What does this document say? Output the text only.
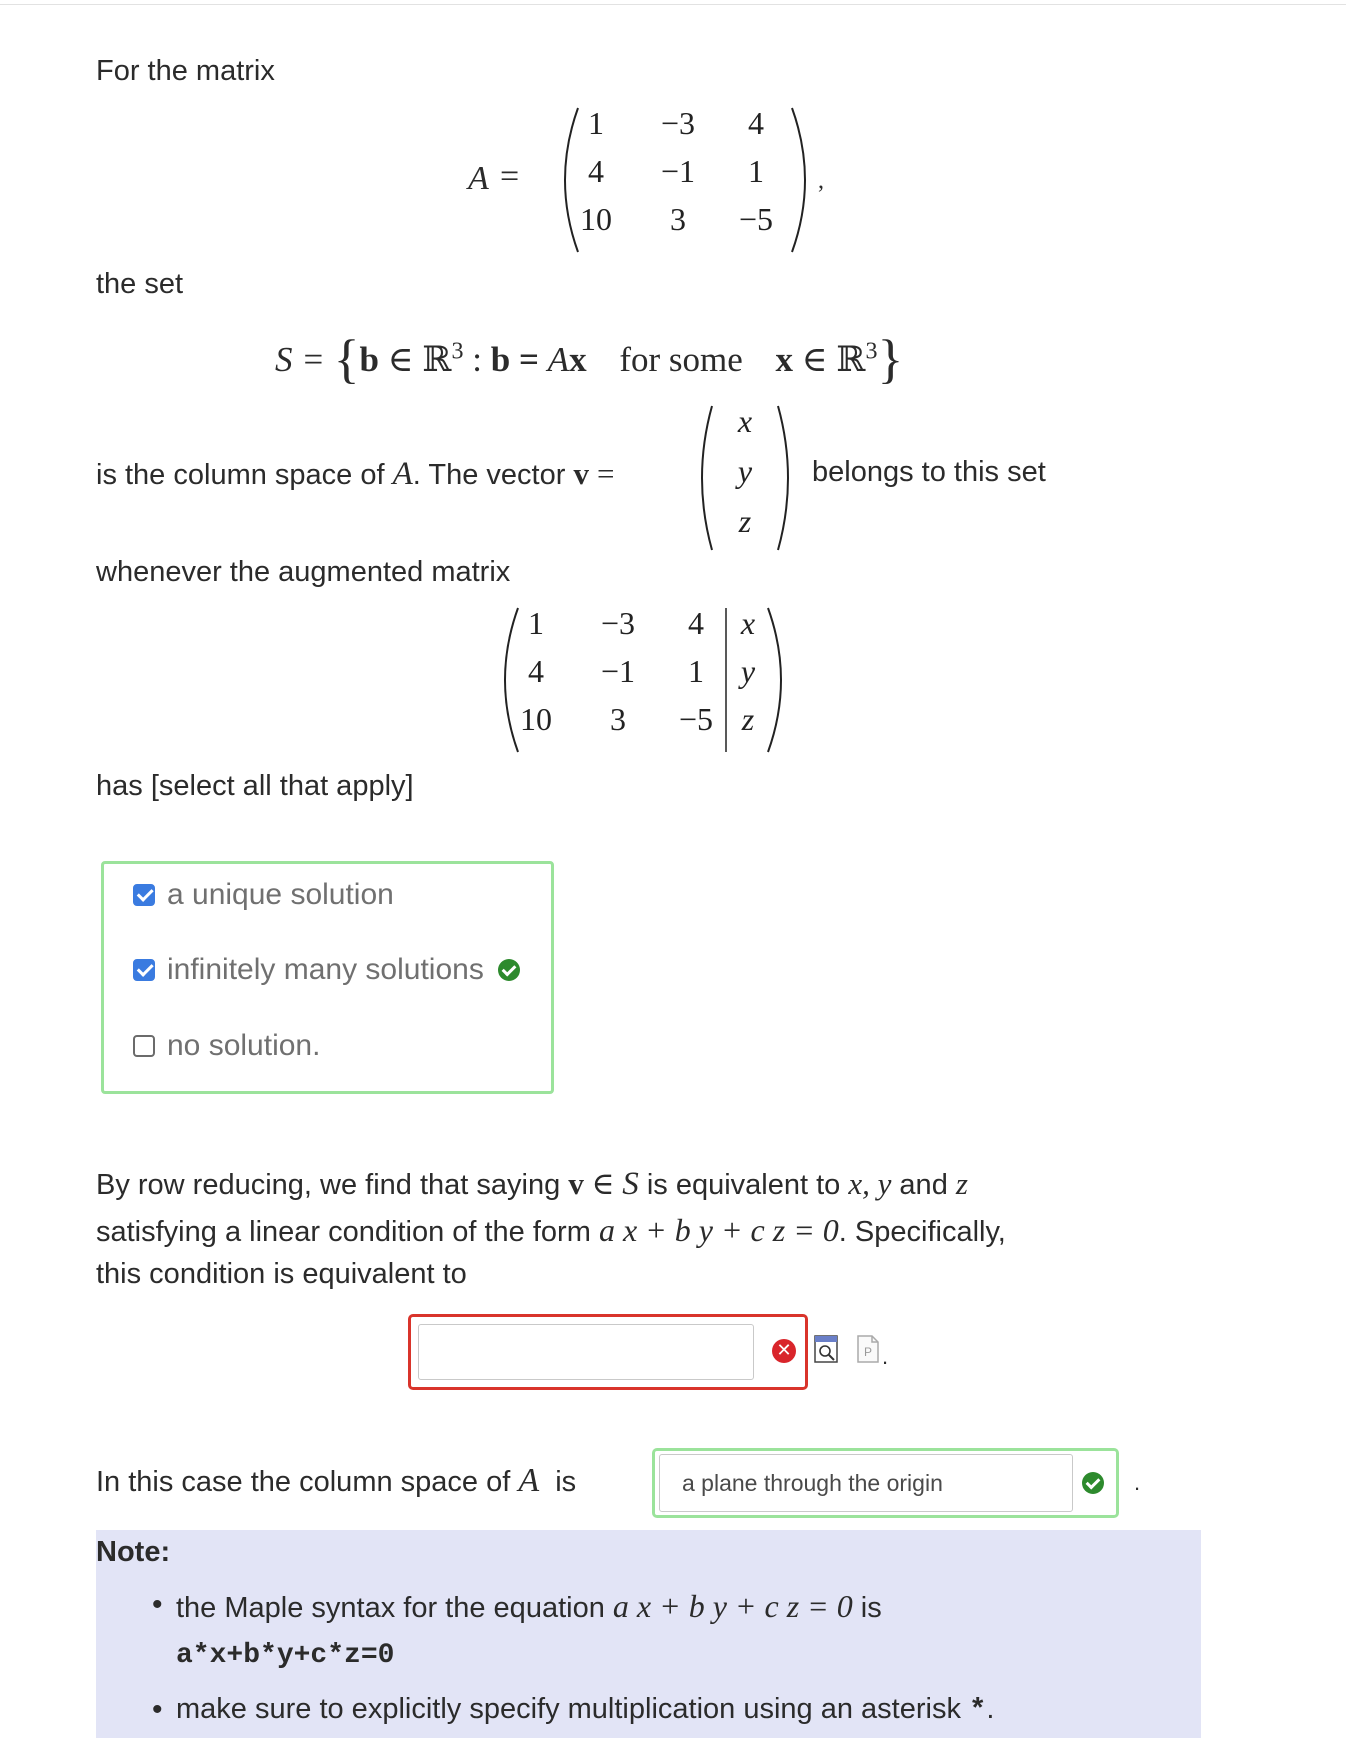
For the matrix
A =
1 −3 4
4 −1 1
10 3 −5
,
the set
S = {b ∈ ℝ$^3$ : b = Ax for some x ∈ ℝ$^3$}
is the column space of A. The vector v =
x
y
z
belongs to this set
whenever the augmented matrix
1 −3 4 x
4 −1 1 y
10 3 −5 z
has [select all that apply]
a unique solution
infinitely many solutions
no solution.
By row reducing, we find that saying v ∈ S is equivalent to x, y and z
satisfying a linear condition of the form a x + b y + c z = 0. Specifically,
this condition is equivalent to
✕	P .
In this case the column space of A is	a plane through the origin	.
Note:
• the Maple syntax for the equation a x + b y + c z = 0 is
a*x+b*y+c*z=0
• make sure to explicitly specify multiplication using an asterisk *.
